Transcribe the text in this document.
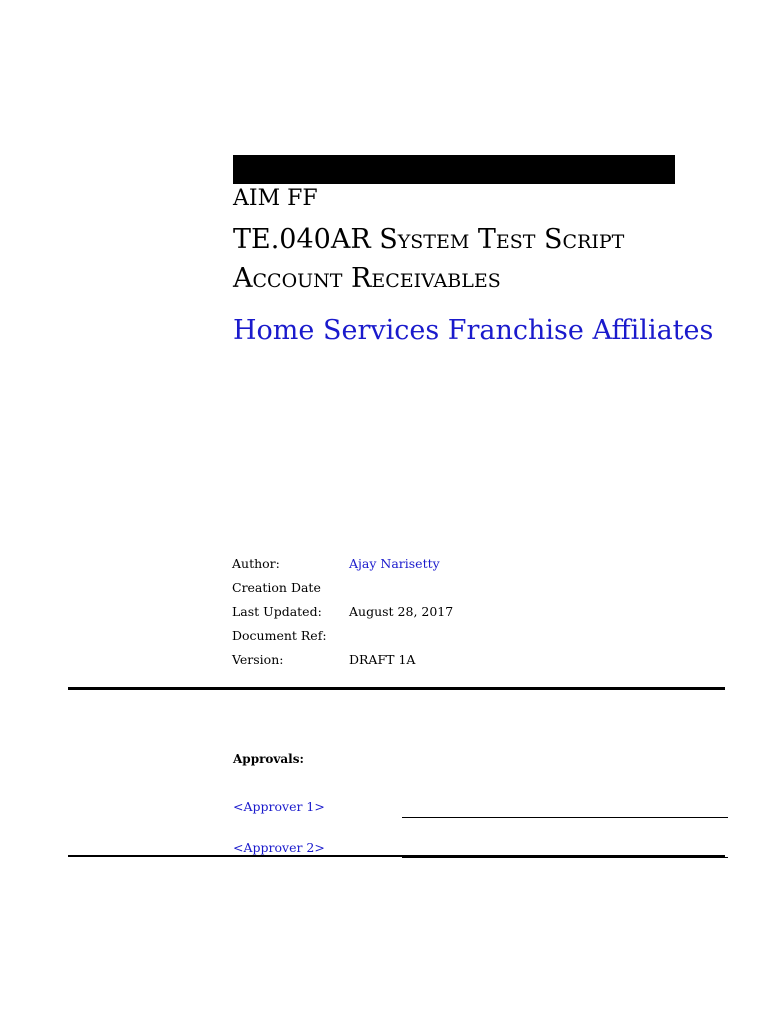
AIM FF
TE.040AR System Test Script
Account Receivables
Home Services Franchise Affiliates
Author:	Ajay Narisetty
Creation Date
Last Updated: August 28, 2017
Document Ref:
Version:	DRAFT 1A
Approvals:
<Approver 1>
<Approver 2>
